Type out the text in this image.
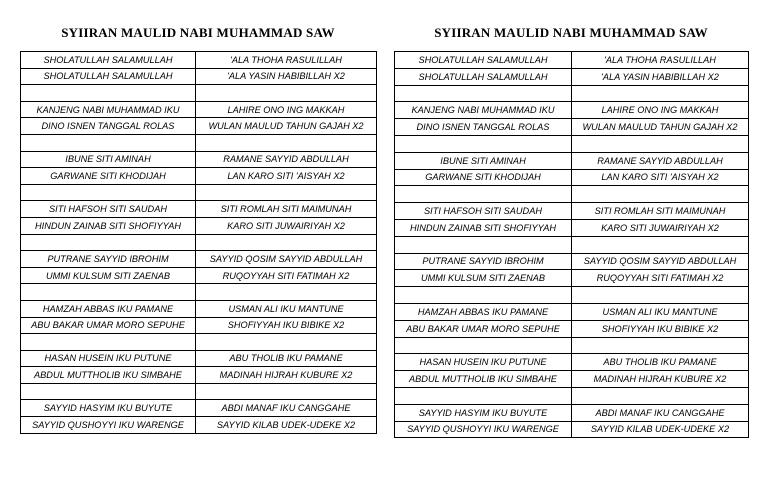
SYIIRAN MAULID NABI MUHAMMAD SAW
SHOLATULLAH SALAMULLAH	'ALA THOHA RASULILLAH
SHOLATULLAH SALAMULLAH	'ALA YASIN HABIBILLAH X2

KANJENG NABI MUHAMMAD IKU	LAHIRE ONO ING MAKKAH
DINO ISNEN TANGGAL ROLAS	WULAN MAULUD TAHUN GAJAH X2

IBUNE SITI AMINAH	RAMANE SAYYID ABDULLAH
GARWANE SITI KHODIJAH	LAN KARO SITI 'AISYAH X2

SITI HAFSOH SITI SAUDAH	SITI ROMLAH SITI MAIMUNAH
HINDUN ZAINAB SITI SHOFIYYAH	KARO SITI JUWAIRIYAH X2

PUTRANE SAYYID IBROHIM	SAYYID QOSIM SAYYID ABDULLAH
UMMI KULSUM SITI ZAENAB	RUQOYYAH SITI FATIMAH X2

HAMZAH ABBAS IKU PAMANE	USMAN ALI IKU MANTUNE
ABU BAKAR UMAR MORO SEPUHE	SHOFIYYAH IKU BIBIKE X2

HASAN HUSEIN IKU PUTUNE	ABU THOLIB IKU PAMANE
ABDUL MUTTHOLIB IKU SIMBAHE	MADINAH HIJRAH KUBURE X2

SAYYID HASYIM IKU BUYUTE	ABDI MANAF IKU CANGGAHE
SAYYID QUSHOYYI IKU WARENGE	SAYYID KILAB UDEK-UDEKE X2
SYIIRAN MAULID NABI MUHAMMAD SAW
SHOLATULLAH SALAMULLAH	'ALA THOHA RASULILLAH
SHOLATULLAH SALAMULLAH	'ALA YASIN HABIBILLAH X2

KANJENG NABI MUHAMMAD IKU	LAHIRE ONO ING MAKKAH
DINO ISNEN TANGGAL ROLAS	WULAN MAULUD TAHUN GAJAH X2

IBUNE SITI AMINAH	RAMANE SAYYID ABDULLAH
GARWANE SITI KHODIJAH	LAN KARO SITI 'AISYAH X2

SITI HAFSOH SITI SAUDAH	SITI ROMLAH SITI MAIMUNAH
HINDUN ZAINAB SITI SHOFIYYAH	KARO SITI JUWAIRIYAH X2

PUTRANE SAYYID IBROHIM	SAYYID QOSIM SAYYID ABDULLAH
UMMI KULSUM SITI ZAENAB	RUQOYYAH SITI FATIMAH X2

HAMZAH ABBAS IKU PAMANE	USMAN ALI IKU MANTUNE
ABU BAKAR UMAR MORO SEPUHE	SHOFIYYAH IKU BIBIKE X2

HASAN HUSEIN IKU PUTUNE	ABU THOLIB IKU PAMANE
ABDUL MUTTHOLIB IKU SIMBAHE	MADINAH HIJRAH KUBURE X2

SAYYID HASYIM IKU BUYUTE	ABDI MANAF IKU CANGGAHE
SAYYID QUSHOYYI IKU WARENGE	SAYYID KILAB UDEK-UDEKE X2
